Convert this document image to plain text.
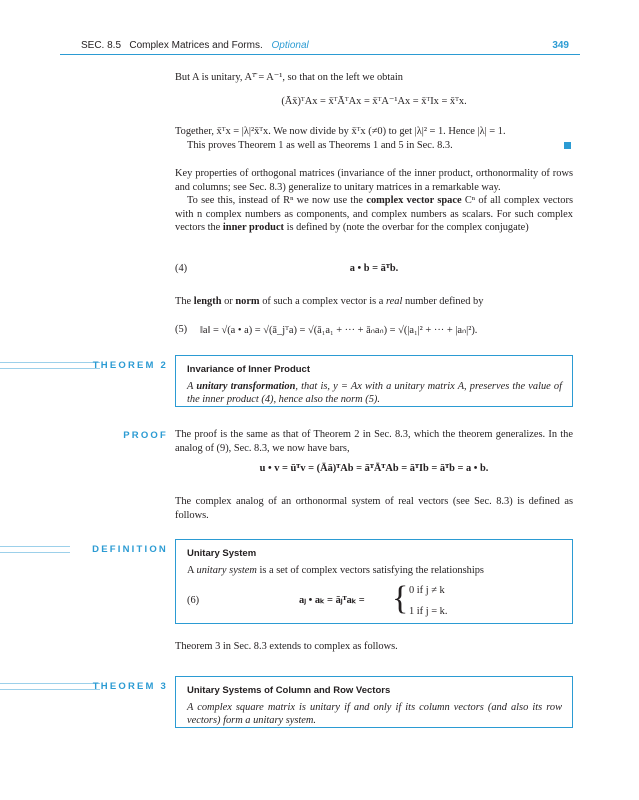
SEC. 8.5 Complex Matrices and Forms. Optional	349

But A is unitary, Aᵀ̄ = A⁻¹, so that on the left we obtain

(Āx̄)ᵀAx = x̄ᵀĀᵀAx = x̄ᵀA⁻¹Ax = x̄ᵀIx = x̄ᵀx.

Together, x̄ᵀx = |λ|²x̄ᵀx. We now divide by x̄ᵀx (≠0) to get |λ|² = 1. Hence |λ| = 1.

This proves Theorem 1 as well as Theorems 1 and 5 in Sec. 8.3.

Key properties of orthogonal matrices (invariance of the inner product, orthonormality of rows and columns; see Sec. 8.3) generalize to unitary matrices in a remarkable way.

To see this, instead of Rⁿ we now use the complex vector space Cⁿ of all complex vectors with n complex numbers as components, and complex numbers as scalars. For such complex vectors the inner product is defined by (note the overbar for the complex conjugate)

(4)	a • b = āᵀb.

The length or norm of such a complex vector is a real number defined by

(5) ‖a‖ = √(a • a) = √(ā_jᵀa) = √(ā₁a₁ + ··· + āₙaₙ) = √(|a₁|² + ··· + |aₙ|²).
THEOREM 2 Invariance of Inner Product
A unitary transformation, that is, y = Ax with a unitary matrix A, preserves the value of the inner product (4), hence also the norm (5).
PROOF The proof is the same as that of Theorem 2 in Sec. 8.3, which the theorem generalizes. In the analog of (9), Sec. 8.3, we now have bars,

u • v = ūᵀv = (Āā)ᵀAb = āᵀĀᵀAb = āᵀIb = āᵀb = a • b.

The complex analog of an orthonormal system of real vectors (see Sec. 8.3) is defined as follows.

DEFINITION Unitary System
A unitary system is a set of complex vectors satisfying the relationships
(6)	aⱼ • aₖ = āⱼᵀaₖ = { 0 if j ≠ k
1 if j = k.

Theorem 3 in Sec. 8.3 extends to complex as follows.

THEOREM 3 Unitary Systems of Column and Row Vectors
A complex square matrix is unitary if and only if its column vectors (and also its row vectors) form a unitary system.
